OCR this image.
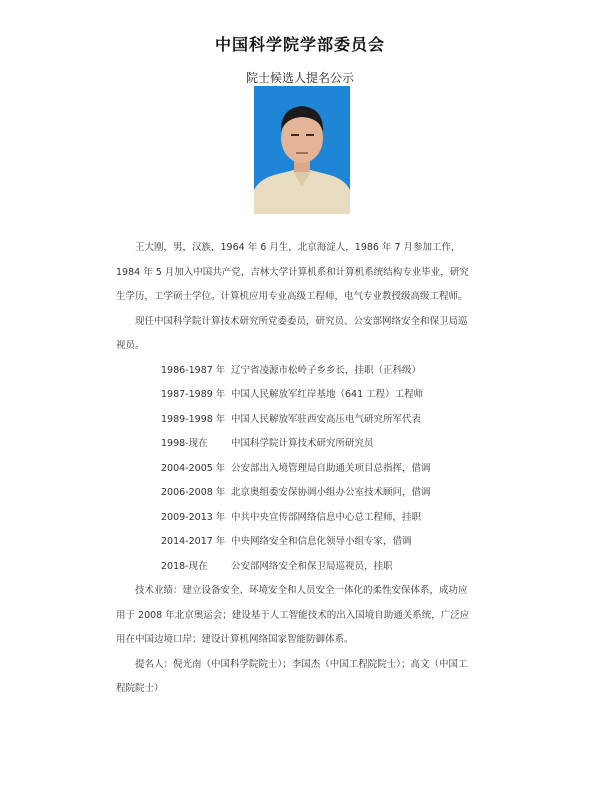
中国科学院学部委员会
院士候选人提名公示

王大刚，男，汉族，1964 年 6 月生，北京海淀人，1986 年 7 月参加工作，1984 年 5 月加入中国共产党，吉林大学计算机系和计算机系统结构专业毕业，研究生学历，工学硕士学位。计算机应用专业高级工程师，电气专业教授级高级工程师。

现任中国科学院计算技术研究所党委委员，研究员、公安部网络安全和保卫局巡视员。

1986-1987 年 辽宁省凌源市松岭子乡乡长，挂职（正科级）
1987-1989 年 中国人民解放军红岸基地（641 工程）工程师
1989-1998 年 中国人民解放军驻西安高压电气研究所军代表
1998-现在	中国科学院计算技术研究所研究员
2004-2005 年 公安部出入境管理局自助通关项目总指挥，借调
2006-2008 年 北京奥组委安保协调小组办公室技术顾问，借调
2009-2013 年 中共中央宣传部网络信息中心总工程师，挂职
2014-2017 年 中央网络安全和信息化领导小组专家，借调
2018-现在	公安部网络安全和保卫局巡视员，挂职

技术业绩：建立设备安全、环境安全和人员安全一体化的柔性安保体系，成功应用于 2008 年北京奥运会；建设基于人工智能技术的出入国境自助通关系统，广泛应用在中国边境口岸；建设计算机网络国家智能防御体系。

提名人：倪光南（中国科学院院士）；李国杰（中国工程院院士）；高文（中国工程院院士）
